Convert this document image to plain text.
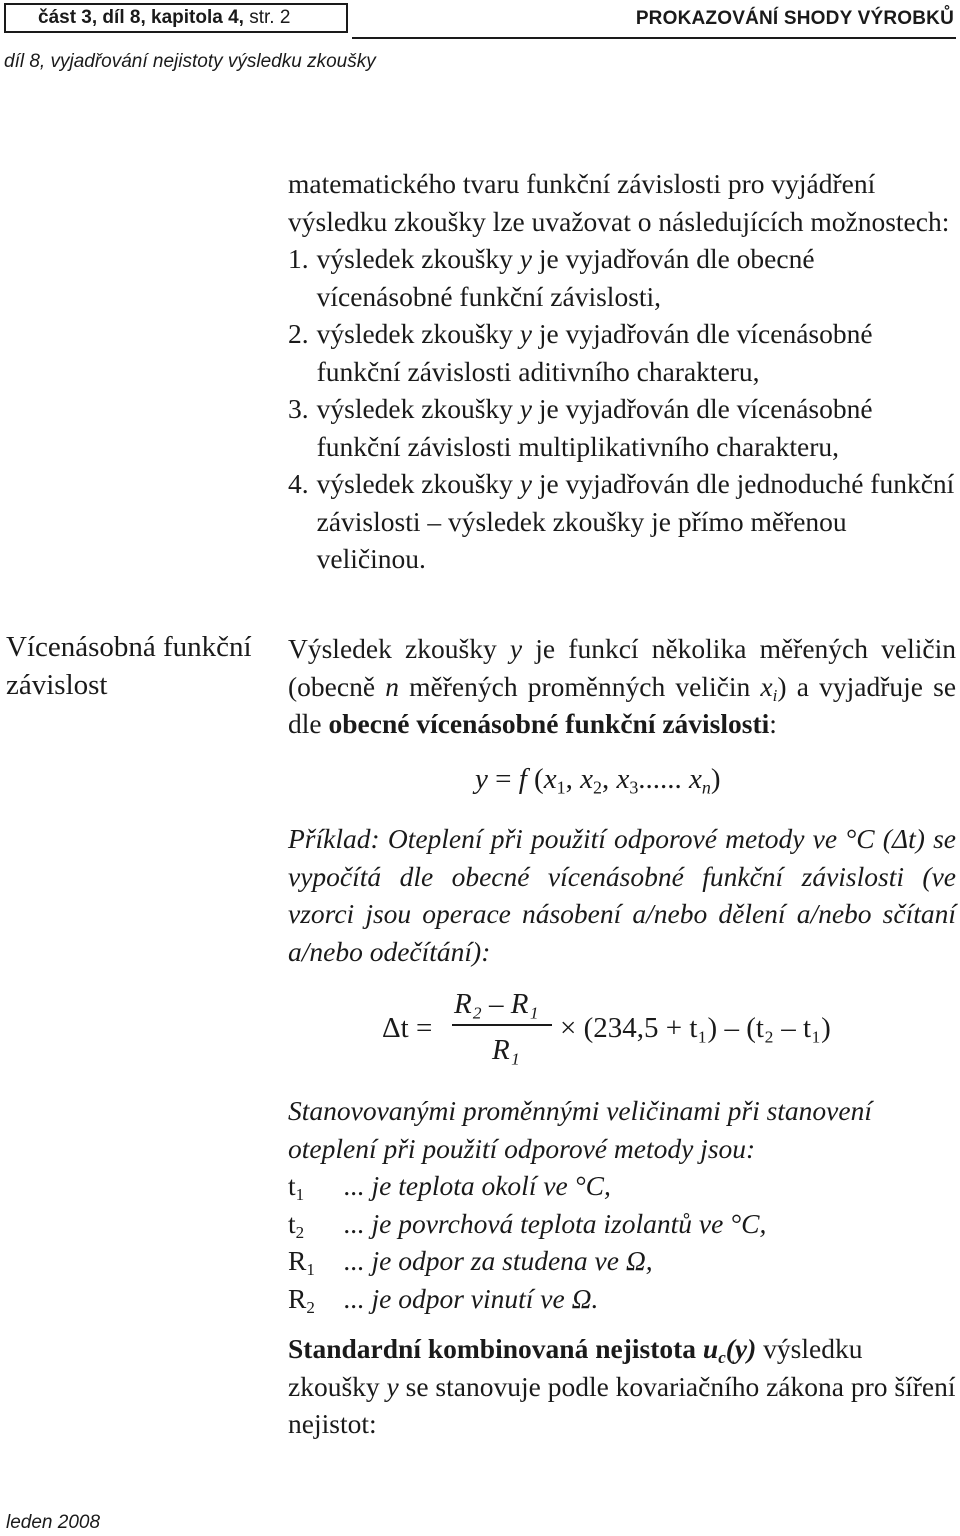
část 3, díl 8, kapitola 4, str. 2	PROKAZOVÁNÍ SHODY VÝROBKŮ
díl 8, vyjadřování nejistoty výsledku zkoušky

matematického tvaru funkční závislosti pro vyjádření výsledku zkoušky lze uvažovat o následujících možnostech:

1. výsledek zkoušky y je vyjadřován dle obecné vícenásobné funkční závislosti,
2. výsledek zkoušky y je vyjadřován dle vícenásobné funkční závislosti aditivního charakteru,
3. výsledek zkoušky y je vyjadřován dle vícenásobné funkční závislosti multiplikativního charakteru,
4. výsledek zkoušky y je vyjadřován dle jednoduché funkční závislosti – výsledek zkoušky je přímo měřenou veličinou.
Vícenásobná funkční závislost
Výsledek zkoušky y je funkcí několika měřených veličin (obecně n měřených proměnných veličin $x_i$) a vyjadřuje se dle obecné vícenásobné funkční závislosti:
y = f ($x_1$, $x_2$, $x_3$...... $x_n$)
Příklad: Oteplení při použití odporové metody ve °C (Δt) se vypočítá dle obecné vícenásobné funkční závislosti (ve vzorci jsou operace násobení a/nebo dělení a/nebo sčítaní a/nebo odečítání):
Δt =
R₂ – R₁
R₁
× (234,5 + t₁) – (t₂ – t₁)
Stanovovanými proměnnými veličinami při stanovení oteplení při použití odporové metody jsou:
$t_1$	... je teplota okolí ve °C,
$t_2$	... je povrchová teplota izolantů ve °C,
$R_1$	... je odpor za studena ve Ω,
$R_2$	... je odpor vinutí ve Ω.
Standardní kombinovaná nejistota $u_c(y)$ výsledku zkoušky y se stanovuje podle kovariačního zákona pro šíření nejistot:
leden 2008
